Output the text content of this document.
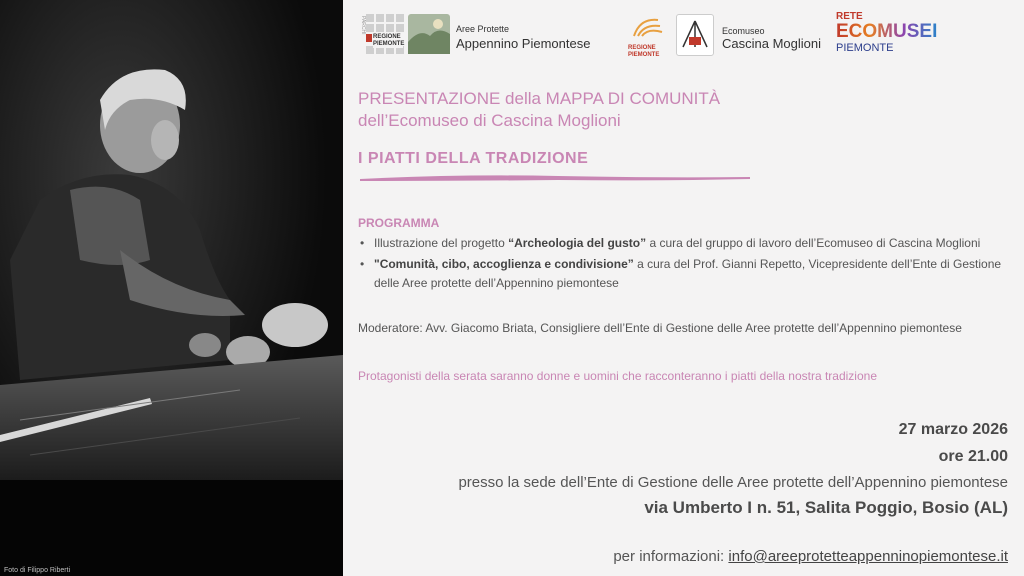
Foto di Filippo Riberti
PARCHI
REGIONE PIEMONTE
Aree Protette
Appennino Piemontese	REGIONE PIEMONTE
Ecomuseo
Cascina Moglioni
RETE
ECOMUSEI
PIEMONTE
PRESENTAZIONE della MAPPA DI COMUNITÀ
dell’Ecomuseo di Cascina Moglioni
I PIATTI DELLA TRADIZIONE
PROGRAMMA
• Illustrazione del progetto “Archeologia del gusto” a cura del gruppo di lavoro dell’Ecomuseo di Cascina Moglioni
• "Comunità, cibo, accoglienza e condivisione” a cura del Prof. Gianni Repetto, Vicepresidente dell’Ente di Gestione delle Aree protette dell’Appennino piemontese
Moderatore: Avv. Giacomo Briata, Consigliere dell’Ente di Gestione delle Aree protette dell’Appennino piemontese
Protagonisti della serata saranno donne e uomini che racconteranno i piatti della nostra tradizione
27 marzo 2026
ore 21.00
presso la sede dell’Ente di Gestione delle Aree protette dell’Appennino piemontese
via Umberto I n. 51, Salita Poggio, Bosio (AL)
per informazioni: info@areeprotetteappenninopiemontese.it
